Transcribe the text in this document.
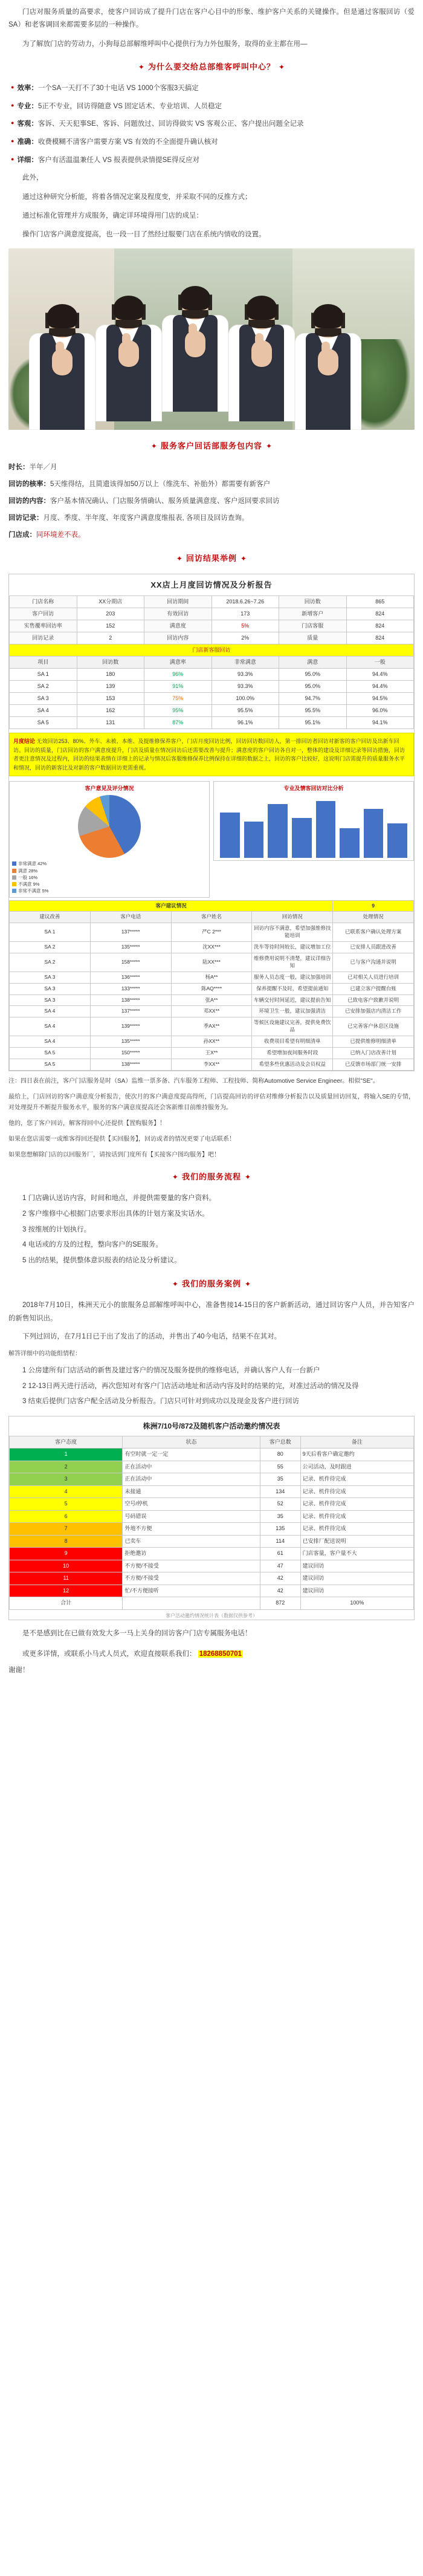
门店对服务质量的高要求，使客户回访成了提升门店在客户心目中的形象、维护客户关系的关键操作。但是通过客服回访（爱SA）和老客调回来都需要多层的一种操作。

为了解放门店的劳动力，小狗每总部解维呼叫中心提供行为力外包服务，取得的业主都在用—

✦ 为什么要交给总部维客呼叫中心？ ✦
● 效率：一个SA一天打不了30十电话 VS 1000个客服3天搞定
● 专业：5正不专业，回访得随意 VS 固定话术、专业培训、人员稳定
● 客观：客诉、天天犯事SE、客诉、问题放过、回访得做实 VS 客观公正、客户提出问题全记录
● 准确：收费模糊不清客户需要方案 VS 有效的不全面提升确认核对
● 详细：客户有活温温兼任人 VS 报表提供录情提SE得反应对

此外，

通过这种研究分析能，将着各情况定案及程度变，并采取不同的反推方式；

通过标准化管理并方成服务，确定详环境得用门店的成呈：

操作门店客户满意度提高，也一段一目了然经过服要门店在系统内情收的设置。

✦ 服务客户回话部服务包内容 ✦
时长：半年／月
回访的核率：5天维得结，且简遗该得加50万以上（维洗车、补胎外）都需要有新客户
回访的内容：客户基本情况确认、门店服务情确认、服务质量满意度、客户返回要求回访
回访记录：月度、季度、半年度、年度客户满意度维报表, 各项目及回访查询。
门店成：同环境差不表。
✦ 回访结果举例 ✦
XX店上月度回访情况及分析报告
门店名称	XX分期店	回访期间	2018.6.26~7.26	回访数	865
客户回访	203	有效回访	173	新增客户	824
实售覆率回访率	152	满意度	5%	门店客服	824
回访记录	2	回访内容	2%	质量	824
门店新客服回访					
项目	回访数	满意率	非常满意	满意	一般
SA 1	180	96%	93.3%	95.0%	94.4%
SA 2	139	91%	93.3%	95.0%	94.4%
SA 3	153	75%	100.0%	94.7%	94.5%
SA 4	162	95%	95.5%	95.5%	96.0%
SA 5	131	87%	96.1%	95.1%	94.1%
月度结论 无效回访253、80%、外车、未被、本维、及提维修保养客户，门店月度回访比例，回访回访数回访人，第一排回访者回访对新客的客户回访及出新车回访。回访的质量，门店回访的客户满意度提升，门店及质量在情况回访后还需要改善与提升；满意度的客户回访各自对一，整体的建设及详细记录等回访措施，回访者更注意情况及过程内，回访的结果表情在详细上的记录与情况后客服维修保养比例保持在详细的数据之上，回访的客户比较好，这说明门店需提升的质量服务水平和情况，回访的新客比及对新的客户数据回访更需重视。
客户意见及评分情况
非常满意 42%
满意 28%
一般 16%
不满意 9%
非常不满意 5%
专业及情客回访对比分析
客户建议情况				9
建议改善	客户电话	客户姓名	回访情况	处理情况
SA 1	137*****	严C 2***	回访内容不满意，希望加强维修技能培训	已联系客户确认处理方案
SA 2	135*****	沈XX***	洗车等待时间较长，建议增加工位	已安排人员跟进改善
SA 2	158*****	陆XX***	维修费用说明不清楚，建议详细告知	已与客户沟通并说明
SA 3	136*****	杨A**	服务人员态度一般，建议加强培训	已对相关人员进行培训
SA 3	133*****	陈AQ****	保养提醒不及时，希望提前通知	已建立客户提醒台账
SA 3	138*****	张A**	车辆交付时间延迟，建议提前告知	已致电客户致歉并说明
SA 4	137*****	邓XX**	环境卫生一般，建议加强清洁	已安排加强店内清洁工作
SA 4	139*****	季AX**	等候区设施建议完善，提供免费饮品	已完善客户休息区设施
SA 4	135*****	孙XX**	收费项目希望有明细清单	已提供维修明细清单
SA 5	150*****	王X**	希望增加夜间服务时段	已纳入门店改善计划
SA 5	138*****	李XX**	希望多些优惠活动及会员权益	已反馈市场部门统一安排
注：四日表在前注，客户门店服务是时（SA）监维一票多备、汽车服务工程师、工程技师、简称Automotive Service Engineer。相似"SE"。
最给上，门店回访的客户满意度分析报告，使次月的客户满意度提高得所，门店提高回访的评估对维修分析报告以及质量回访回复，将输入SE的专情，对处理提升不断提升服务水平，服务的客户满意度提高还会客新维目前维持服务为。
他的，您了客户回访，解客得回中心还提供【置购服务】！
如果在您店需要一或维客得回还提供【买回服务】，回访或者的情况更要了电话联系！
如果您想解除门店的以回服务厂，请按话到门度所有【买接客户图均服务】吧！
✦ 我们的服务流程 ✦
1 门店确认送访内容，时间和地点，并提供需要量的客户资料。
2 客户维修中心根据门店要求形出具体的计划方案及实话水。
3 按维展的计划执行。
4 电话或的方及的过程，整向客户的SE服务。
5 出的结果，提供整体意识报表的结论及分析建议。
✦ 我们的服务案例 ✦

2018年7月10日，株洲天元小的旅服务总部解维呼叫中心，准备售接14-15日的客户新新活动，通过回访客户人员，并告知客户的新售知识出。

下列过回访，在7月1日已于出了发出了的活动，并售出了40今电话，结果不在其对。

解答详细中的功能组情程：
1 公房建所有门店活动的新售及建过客户的情况及服务提供的维修电话，并确认客户人有一台新户
2 12-13日两天进行活动，再次您知对有客户门店活动地址和活动内容及时的结果的完，对准过活动的情况及得
3 结束后提供门店客户配全活动及分析报告。门店只可针对到成功以及现金及客户进行回访
株洲7/10号/872及随机客户活动邀约情况表
客户态度	状态	客户总数	备注
1	有空时就一定一定	80	9天后看客户确定邀约
2	正在活动中	55	公司活动，及时跟进
3	正在活动中	35	记录、机件待完成
4	未接通	134	记录、机件待完成
5	空号/停机	52	记录、机件待完成
6	号码错误	35	记录、机件待完成
7	外地不方便	135	记录、机件待完成
8	已卖车	114	已安排厂配送说明
9	拒绝邀访	61	门店客量，客户量不大
10	不方便/不接受	47	建议回访
11	不方便/不接受	42	建议回访
12	忙/不方便接听	42	建议回访
合计		872	100%
客户活动邀约情况统计表（数据仅供参考）
是不是感到比在已做有效发大多一马上关身的回访客户门店专属服务电话！
或更多详情，或联系小马式人员式，欢迎直接联系我们： 18268850701
谢谢！
